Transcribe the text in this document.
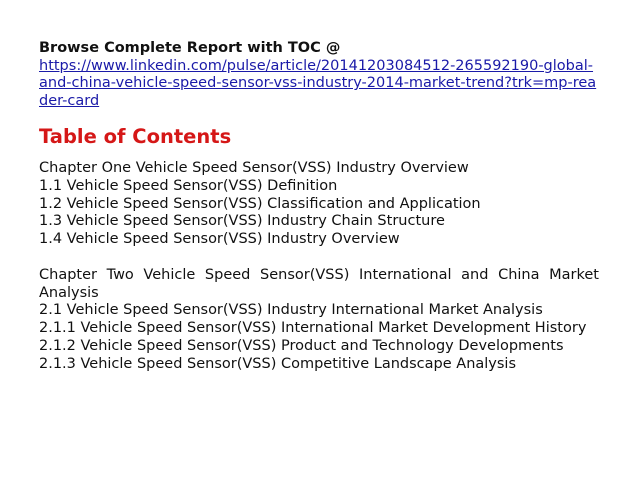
Browse Complete Report with TOC @

https://www.linkedin.com/pulse/article/20141203084512-265592190-global-and-china-vehicle-speed-sensor-vss-industry-2014-market-trend?trk=mp-reader-card
Table of Contents

Chapter One Vehicle Speed Sensor(VSS) Industry Overview

1.1 Vehicle Speed Sensor(VSS) Definition

1.2 Vehicle Speed Sensor(VSS) Classification and Application

1.3 Vehicle Speed Sensor(VSS) Industry Chain Structure

1.4 Vehicle Speed Sensor(VSS) Industry Overview

Chapter Two Vehicle Speed Sensor(VSS) International and China Market Analysis

2.1 Vehicle Speed Sensor(VSS) Industry International Market Analysis

2.1.1 Vehicle Speed Sensor(VSS) International Market Development History

2.1.2 Vehicle Speed Sensor(VSS) Product and Technology Developments

2.1.3 Vehicle Speed Sensor(VSS) Competitive Landscape Analysis
